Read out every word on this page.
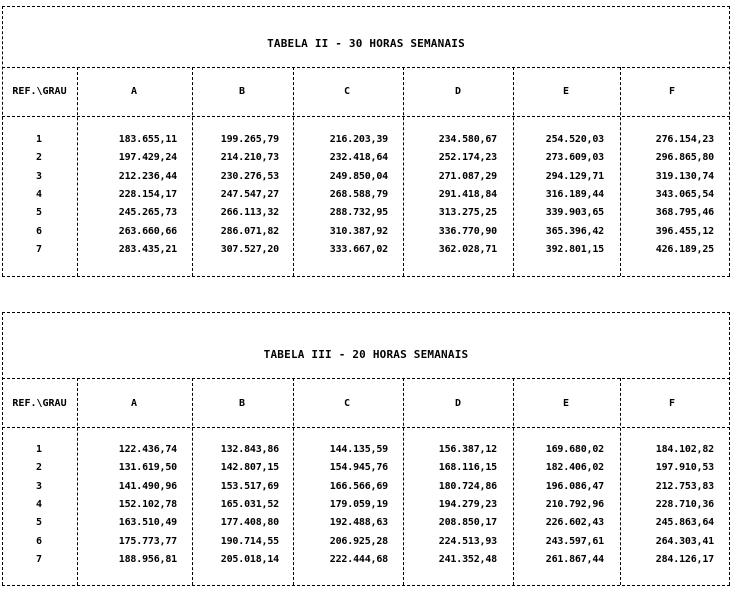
TABELA II - 30 HORAS SEMANAIS
REF.\GRAU	A	B	C	D	E	F
1	183.655,11	199.265,79	216.203,39	234.580,67	254.520,03	276.154,23
2	197.429,24	214.210,73	232.418,64	252.174,23	273.609,03	296.865,80
3	212.236,44	230.276,53	249.850,04	271.087,29	294.129,71	319.130,74
4	228.154,17	247.547,27	268.588,79	291.418,84	316.189,44	343.065,54
5	245.265,73	266.113,32	288.732,95	313.275,25	339.903,65	368.795,46
6	263.660,66	286.071,82	310.387,92	336.770,90	365.396,42	396.455,12
7	283.435,21	307.527,20	333.667,02	362.028,71	392.801,15	426.189,25
TABELA III - 20 HORAS SEMANAIS
REF.\GRAU	A	B	C	D	E	F
1	122.436,74	132.843,86	144.135,59	156.387,12	169.680,02	184.102,82
2	131.619,50	142.807,15	154.945,76	168.116,15	182.406,02	197.910,53
3	141.490,96	153.517,69	166.566,69	180.724,86	196.086,47	212.753,83
4	152.102,78	165.031,52	179.059,19	194.279,23	210.792,96	228.710,36
5	163.510,49	177.408,80	192.488,63	208.850,17	226.602,43	245.863,64
6	175.773,77	190.714,55	206.925,28	224.513,93	243.597,61	264.303,41
7	188.956,81	205.018,14	222.444,68	241.352,48	261.867,44	284.126,17
